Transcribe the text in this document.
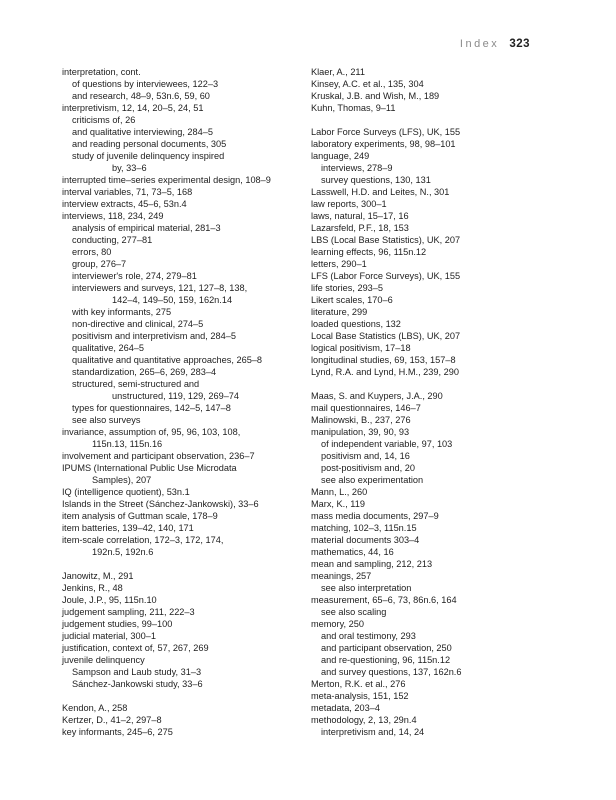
Index 323
interpretation, cont.
of questions by interviewees, 122–3
and research, 48–9, 53n.6, 59, 60
interpretivism, 12, 14, 20–5, 24, 51
criticisms of, 26
and qualitative interviewing, 284–5
and reading personal documents, 305
study of juvenile delinquency inspired
by, 33–6
interrupted time–series experimental design, 108–9
interval variables, 71, 73–5, 168
interview extracts, 45–6, 53n.4
interviews, 118, 234, 249
analysis of empirical material, 281–3
conducting, 277–81
errors, 80
group, 276–7
interviewer's role, 274, 279–81
interviewers and surveys, 121, 127–8, 138,
142–4, 149–50, 159, 162n.14
with key informants, 275
non-directive and clinical, 274–5
positivism and interpretivism and, 284–5
qualitative, 264–5
qualitative and quantitative approaches, 265–8
standardization, 265–6, 269, 283–4
structured, semi-structured and
unstructured, 119, 129, 269–74
types for questionnaires, 142–5, 147–8
see also surveys
invariance, assumption of, 95, 96, 103, 108,
115n.13, 115n.16
involvement and participant observation, 236–7
IPUMS (International Public Use Microdata
Samples), 207
IQ (intelligence quotient), 53n.1
Islands in the Street (Sánchez-Jankowski), 33–6
item analysis of Guttman scale, 178–9
item batteries, 139–42, 140, 171
item-scale correlation, 172–3, 172, 174,
192n.5, 192n.6
Janowitz, M., 291
Jenkins, R., 48
Joule, J.P., 95, 115n.10
judgement sampling, 211, 222–3
judgement studies, 99–100
judicial material, 300–1
justification, context of, 57, 267, 269
juvenile delinquency
Sampson and Laub study, 31–3
Sánchez-Jankowski study, 33–6
Kendon, A., 258
Kertzer, D., 41–2, 297–8
key informants, 245–6, 275
Klaer, A., 211
Kinsey, A.C. et al., 135, 304
Kruskal, J.B. and Wish, M., 189
Kuhn, Thomas, 9–11
Labor Force Surveys (LFS), UK, 155
laboratory experiments, 98, 98–101
language, 249
interviews, 278–9
survey questions, 130, 131
Lasswell, H.D. and Leites, N., 301
law reports, 300–1
laws, natural, 15–17, 16
Lazarsfeld, P.F., 18, 153
LBS (Local Base Statistics), UK, 207
learning effects, 96, 115n.12
letters, 290–1
LFS (Labor Force Surveys), UK, 155
life stories, 293–5
Likert scales, 170–6
literature, 299
loaded questions, 132
Local Base Statistics (LBS), UK, 207
logical positivism, 17–18
longitudinal studies, 69, 153, 157–8
Lynd, R.A. and Lynd, H.M., 239, 290
Maas, S. and Kuypers, J.A., 290
mail questionnaires, 146–7
Malinowski, B., 237, 276
manipulation, 39, 90, 93
of independent variable, 97, 103
positivism and, 14, 16
post-positivism and, 20
see also experimentation
Mann, L., 260
Marx, K., 119
mass media documents, 297–9
matching, 102–3, 115n.15
material documents 303–4
mathematics, 44, 16
mean and sampling, 212, 213
meanings, 257
see also interpretation
measurement, 65–6, 73, 86n.6, 164
see also scaling
memory, 250
and oral testimony, 293
and participant observation, 250
and re-questioning, 96, 115n.12
and survey questions, 137, 162n.6
Merton, R.K. et al., 276
meta-analysis, 151, 152
metadata, 203–4
methodology, 2, 13, 29n.4
interpretivism and, 14, 24
